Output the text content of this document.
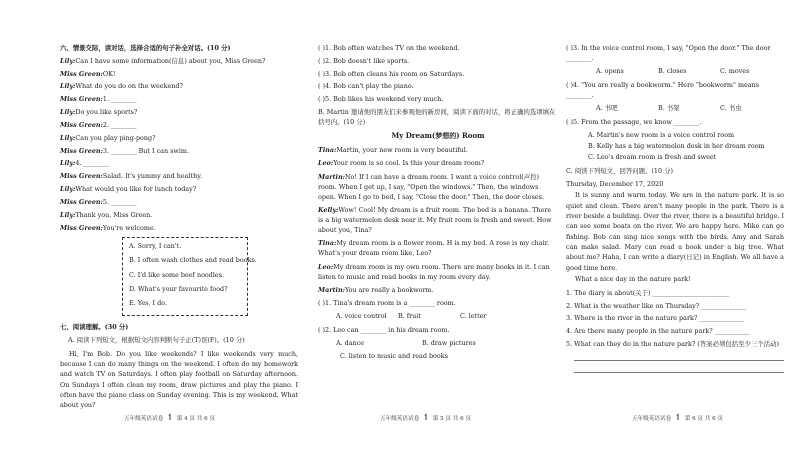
六、情景交际，读对话，选择合适的句子补全对话。(10 分)
Lily:Can I have some information(信息) about you, Miss Green?
Miss Green:OK!
Lily:What do you do on the weekend?
Miss Green:1. ________
Lily:Do you like sports?
Miss Green:2. ________
Lily:Can you play ping-pong?
Miss Green:3. ________ But I can swim.
Lily:4. ________
Miss Green:Salad. It's yummy and healthy.
Lily:What would you like for lunch today?
Miss Green:5. ________
Lily:Thank you, Miss Green.
Miss Green:You're welcome.
A. Sorry, I can't.
B. I often wash clothes and read books.
C. I'd like some beef noodles.
D. What's your favourite food?
E. Yes, I do.
七、阅读理解。(30 分)
A. 阅读下列短文，根据短文内容判断句子正(T)误(F)。(10 分)
Hi, I'm Bob. Do you like weekends? I like weekends very much, because I can do many things on the weekend. I often do my homework and watch TV on Saturdays. I often play football on Saturday afternoon. On Sundays I often clean my room, draw pictures and play the piano. I often have the piano class on Sunday evening. This is my weekend. What about you?
( )1. Bob often watches TV on the weekend.
( )2. Bob doesn't like sports.
( )3. Bob often cleans his room on Saturdays.
( )4. Bob can't play the piano.
( )5. Bob likes his weekend very much.
B. Martin 邀请他的朋友们来参观他的新房间，阅读下面的对话，将正确的选项填在括号内。(10 分)
My Dream(梦想的) Room
Tina:Martin, your new room is very beautiful.
Leo:Your room is so cool. Is this your dream room?
Martin:No! If I can have a dream room. I want a voice control(声控) room. When I get up, I say, "Open the windows." Then, the windows open. When I go to bed, I say, "Close the door." Then, the door closes.
Kelly:Wow! Cool! My dream is a fruit room. The bed is a banana. There is a big watermelon desk near it. My fruit room is fresh and sweet. How about you, Tina?
Tina:My dream room is a flower room. H is my bed. A rose is my chair. What's your dream room like, Leo?
Leo:My dream room is my own room. There are many books in it. I can listen to music and read books in my room every day.
Martin:You are really a bookworm.
( )1. Tina's dream room is a ________ room.
A. voice control	B. fruit	C. letter
( )2. Leo can ________ in his dream room.
A. dance	B. draw pictures
C. listen to music and read books
( )3. In the voice control room, I say, "Open the door." The door ________.
A. opens	B. closes	C. moves
( )4. "You are really a bookworm." Here "bookworm" means ________.
A. 书吧	B. 书架	C. 书虫
( )5. From the passage, we know ________.
A. Martin's new room is a voice control room
B. Kelly has a big watermelon desk in her dream room
C. Leo's dream room is fresh and sweet
C. 阅读下列短文，回答问题。(10 分)
Thursday, December 17, 2020
It is sunny and warm today. We are in the nature park. It is so quiet and clean. There aren't many people in the park. There is a river beside a building. Over the river, there is a beautiful bridge. I can see some boats on the river. We are happy here. Mike can go fishing. Bob can sing nice songs with the birds. Amy and Sarah can make salad. Mary can read a book under a big tree. What about me? Haha, I can write a diary(日记) in English. We all have a good time here.
What a nice day in the nature park!
1. The diary is about(关于) ________________________
2. What is the weather like on Thursday? ______________
3. Where is the river in the nature park? ______________
4. Are there many people in the nature park? ___________
5. What can they do in the nature park? (答案必须包括至少三个活动)
五年级英语试卷 ↿ 第 4 页 共 6 页	五年级英语试卷 ↿ 第 5 页 共 6 页	五年级英语试卷 ↿ 第 6 页 共 6 页
